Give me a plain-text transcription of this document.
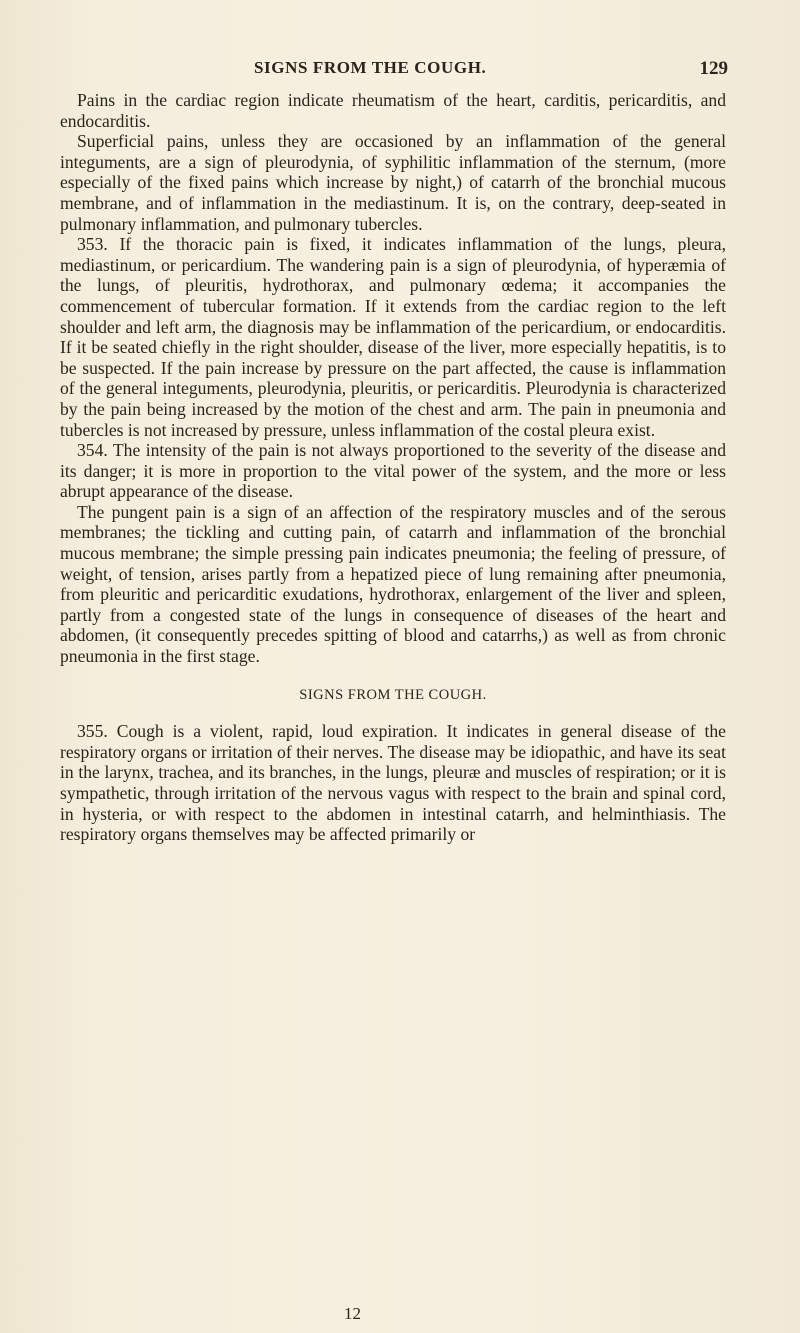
SIGNS FROM THE COUGH.	129

Pains in the cardiac region indicate rheumatism of the heart, carditis, pericarditis, and endocarditis.

Superficial pains, unless they are occasioned by an inflammation of the general integuments, are a sign of pleurodynia, of syphilitic inflammation of the sternum, (more especially of the fixed pains which increase by night,) of catarrh of the bronchial mucous membrane, and of inflammation in the mediastinum. It is, on the contrary, deep-seated in pulmonary inflammation, and pulmonary tubercles.

353. If the thoracic pain is fixed, it indicates inflammation of the lungs, pleura, mediastinum, or pericardium. The wandering pain is a sign of pleurodynia, of hyperæmia of the lungs, of pleuritis, hydrothorax, and pulmonary œdema; it accompanies the commencement of tubercular formation. If it extends from the cardiac region to the left shoulder and left arm, the diagnosis may be inflammation of the pericardium, or endocarditis. If it be seated chiefly in the right shoulder, disease of the liver, more especially hepatitis, is to be suspected. If the pain increase by pressure on the part affected, the cause is inflammation of the general integuments, pleurodynia, pleuritis, or pericarditis. Pleurodynia is characterized by the pain being increased by the motion of the chest and arm. The pain in pneumonia and tubercles is not increased by pressure, unless inflammation of the costal pleura exist.

354. The intensity of the pain is not always proportioned to the severity of the disease and its danger; it is more in proportion to the vital power of the system, and the more or less abrupt appearance of the disease.

The pungent pain is a sign of an affection of the respiratory muscles and of the serous membranes; the tickling and cutting pain, of catarrh and inflammation of the bronchial mucous membrane; the simple pressing pain indicates pneumonia; the feeling of pressure, of weight, of tension, arises partly from a hepatized piece of lung remaining after pneumonia, from pleuritic and pericarditic exudations, hydrothorax, enlargement of the liver and spleen, partly from a congested state of the lungs in consequence of diseases of the heart and abdomen, (it consequently precedes spitting of blood and catarrhs,) as well as from chronic pneumonia in the first stage.

SIGNS FROM THE COUGH.

355. Cough is a violent, rapid, loud expiration. It indicates in general disease of the respiratory organs or irritation of their nerves. The disease may be idiopathic, and have its seat in the larynx, trachea, and its branches, in the lungs, pleuræ and muscles of respiration; or it is sympathetic, through irritation of the nervous vagus with respect to the brain and spinal cord, in hysteria, or with respect to the abdomen in intestinal catarrh, and helminthiasis. The respiratory organs themselves may be affected primarily or

12
